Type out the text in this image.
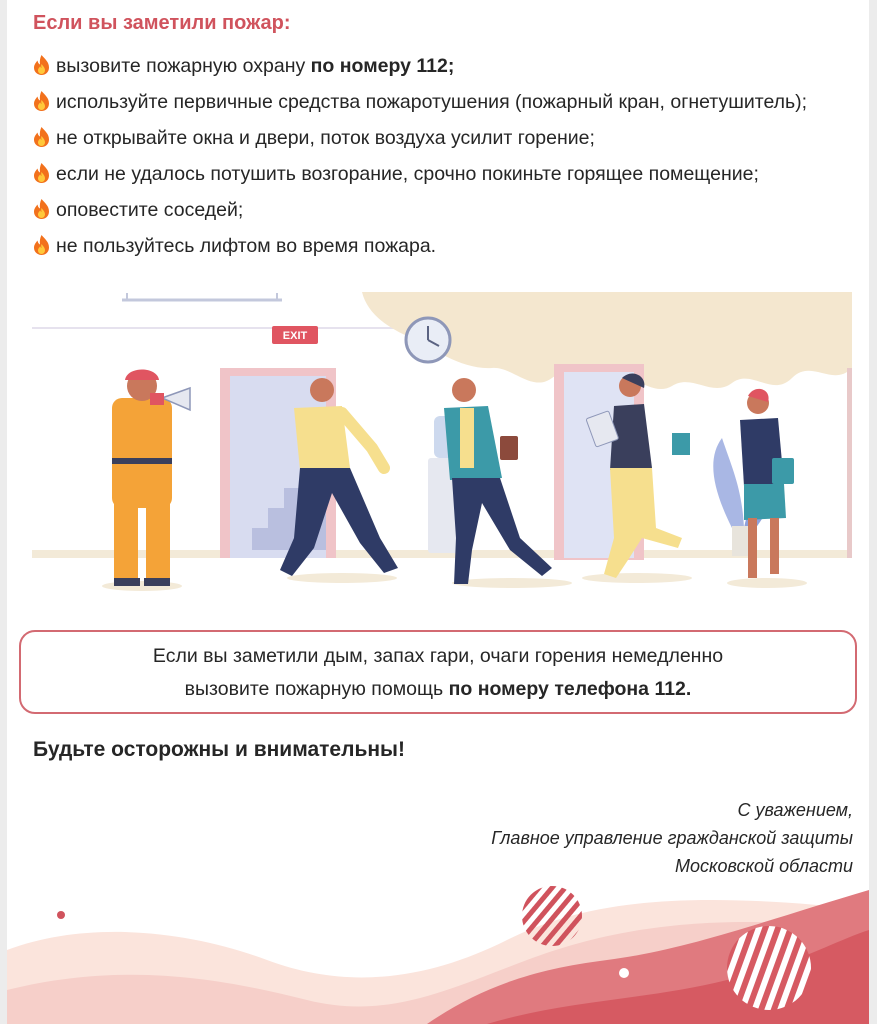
Если вы заметили пожар:
вызовите пожарную охрану по номеру 112;
используйте первичные средства пожаротушения (пожарный кран, огнетушитель);
не открывайте окна и двери, поток воздуха усилит горение;
если не удалось потушить возгорание, срочно покиньте горящее помещение;
оповестите соседей;
не пользуйтесь лифтом во время пожара.
EXIT
Если вы заметили дым, запах гари, очаги горения немедленно
вызовите пожарную помощь по номеру телефона 112.

Будьте осторожны и внимательны!

С уважением,
Главное управление гражданской защиты
Московской области
